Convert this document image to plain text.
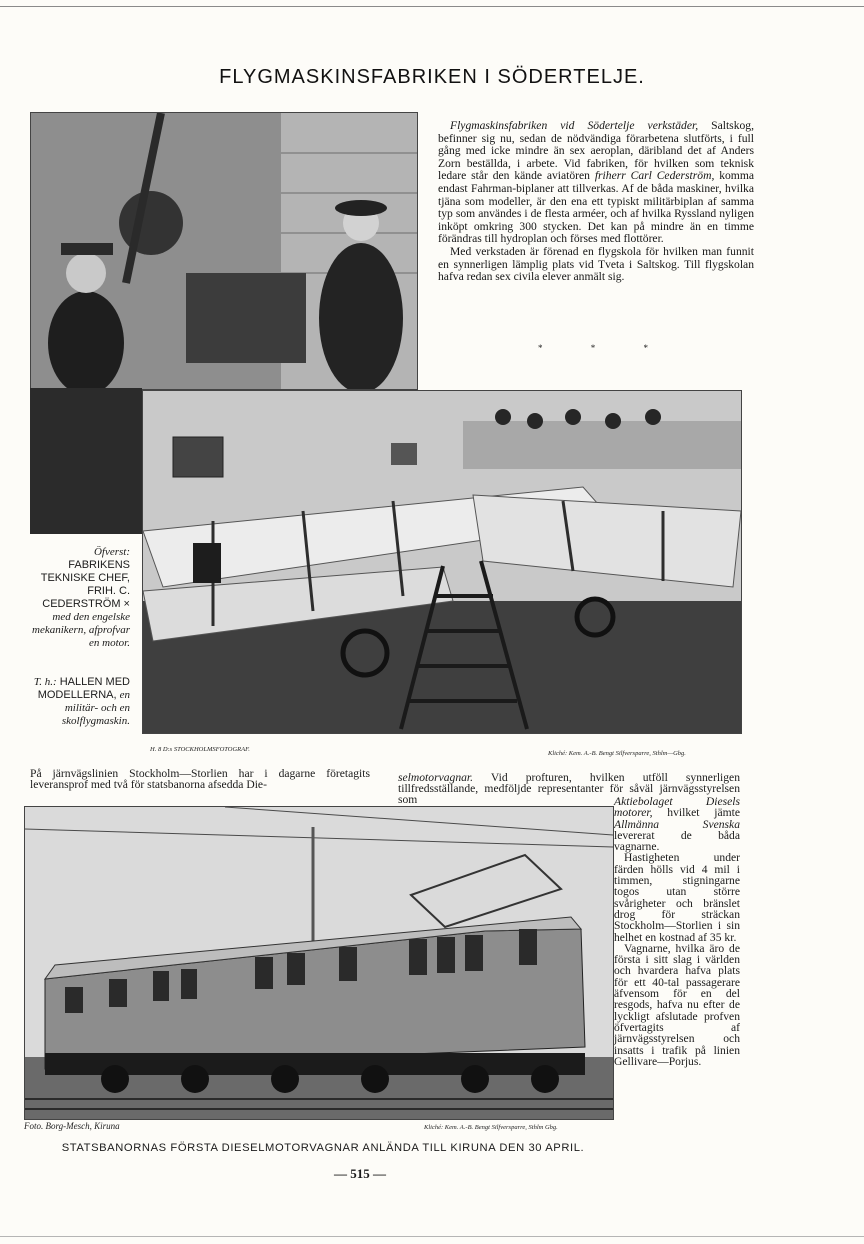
FLYGMASKINSFABRIKEN I SÖDERTELJE.

Flygmaskinsfabriken vid Södertelje verkstäder, Saltskog, befinner sig nu, sedan de nödvändiga förarbetena slutförts, i full gång med icke mindre än sex aeroplan, däribland det af Anders Zorn beställda, i arbete. Vid fabriken, för hvilken som teknisk ledare står den kände aviatören friherr Carl Cederström, komma endast Fahrman-biplaner att tillverkas. Af de båda maskiner, hvilka tjäna som modeller, är den ena ett typiskt militärbiplan af samma typ som användes i de flesta arméer, och af hvilka Ryssland nyligen inköpt omkring 300 stycken. Det kan på mindre än en timme förändras till hydroplan och förses med flottörer.

Med verkstaden är förenad en flygskola för hvilken man funnit en synnerligen lämplig plats vid Tveta i Saltskog. Till flygskolan hafva redan sex civila elever anmält sig.

*	*	*
Öfverst: FABRIKENS TEKNISKE CHEF, FRIH. C. CEDERSTRÖM × med den engelske mekanikern, afprofvar en motor.
T. h.: HALLEN MED MODELLERNA, en militär- och en skolflygmaskin.
H. 8 D:s STOCKHOLMSFOTOGRAF.
Kliché: Kem. A.-B. Bengt Silfversparre, Sthlm—Gbg.
På järnvägslinien Stockholm—Storlien har i dagarne företagits leveransprof med två för statsbanorna afsedda Die-
selmotorvagnar. Vid profturen, hvilken utföll synnerligen tillfredsställande, medföljde representanter för såväl järnvägsstyrelsen som	Aktiebolaget Diesels motorer, hvilket jämte Allmänna Svenska levererat de båda vagnarne.

Hastigheten under färden hölls vid 4 mil i timmen, stigningarne togos utan större svårigheter och bränslet drog för sträckan Stockholm—Storlien i sin helhet en kostnad af 35 kr.

Vagnarne, hvilka äro de första i sitt slag i världen och hvardera hafva plats för ett 40-tal passagerare äfvensom för en del resgods, hafva nu efter de lyckligt afslutade profven öfvertagits af järnvägsstyrelsen och insatts i trafik på linien Gellivare—Porjus.

Foto. Borg-Mesch, Kiruna	Kliché: Kem. A.-B. Bengt Silfversparre, Sthlm Gbg.
STATSBANORNAS FÖRSTA DIESELMOTORVAGNAR ANLÄNDA TILL KIRUNA DEN 30 APRIL.
— 515 —
